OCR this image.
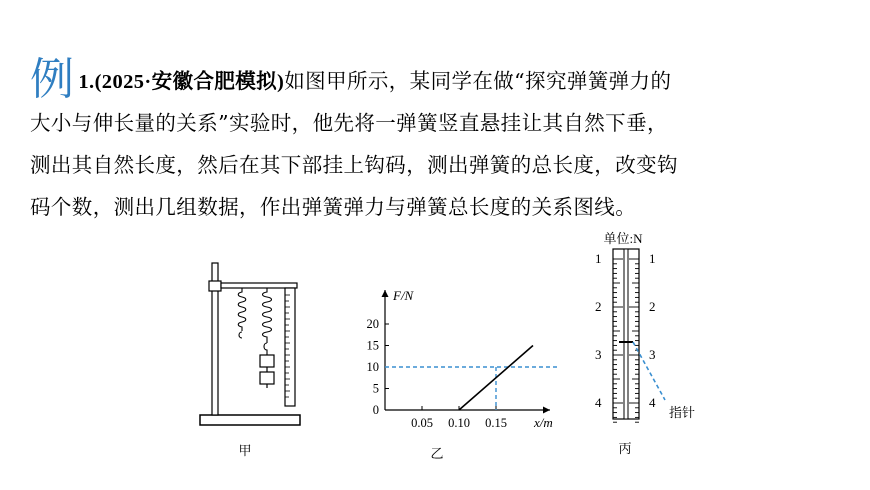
例 1.(2025·安徽合肥模拟)如图甲所示，某同学在做“探究弹簧弹力的
大小与伸长量的关系”实验时，他先将一弹簧竖直悬挂让其自然下垂，
测出其自然长度，然后在其下部挂上钩码，测出弹簧的总长度，改变钩
码个数，测出几组数据，作出弹簧弹力与弹簧总长度的关系图线。
甲
0
5
10
15
20
0.05 0.10 0.15
F/N
x/m
乙
单位:N
1
2
3
4
1
2
3
4
指针
丙
